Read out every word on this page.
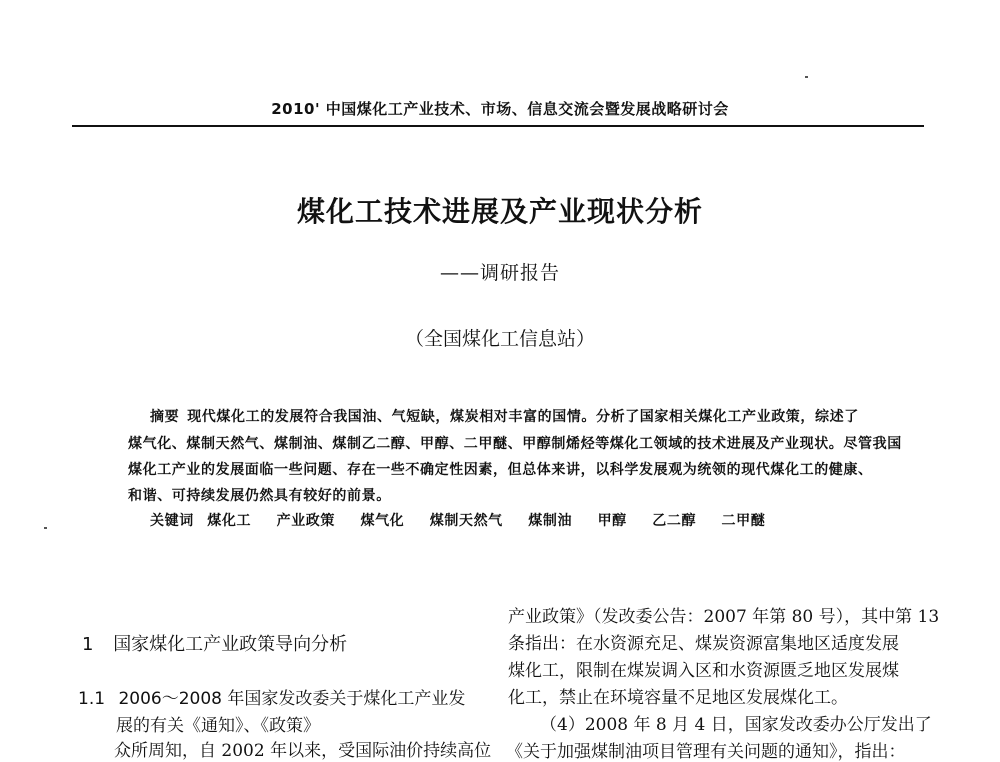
2010' 中国煤化工产业技术、市场、信息交流会暨发展战略研讨会
煤化工技术进展及产业现状分析
——调研报告
（全国煤化工信息站）
摘要 现代煤化工的发展符合我国油、气短缺，煤炭相对丰富的国情。分析了国家相关煤化工产业政策，综述了
煤气化、煤制天然气、煤制油、煤制乙二醇、甲醇、二甲醚、甲醇制烯烃等煤化工领域的技术进展及产业现状。尽管我国
煤化工产业的发展面临一些问题、存在一些不确定性因素，但总体来讲，以科学发展观为统领的现代煤化工的健康、
和谐、可持续发展仍然具有较好的前景。
关键词 煤化工 产业政策 煤气化 煤制天然气 煤制油 甲醇 乙二醇 二甲醚
1 国家煤化工产业政策导向分析
1.1 2006～2008 年国家发改委关于煤化工产业发
展的有关《通知》、《政策》
众所周知，自 2002 年以来，受国际油价持续高位
产业政策》（发改委公告：2007 年第 80 号），其中第 13
条指出：在水资源充足、煤炭资源富集地区适度发展
煤化工，限制在煤炭调入区和水资源匮乏地区发展煤
化工，禁止在环境容量不足地区发展煤化工。
（4）2008 年 8 月 4 日，国家发改委办公厅发出了
《关于加强煤制油项目管理有关问题的通知》，指出：
